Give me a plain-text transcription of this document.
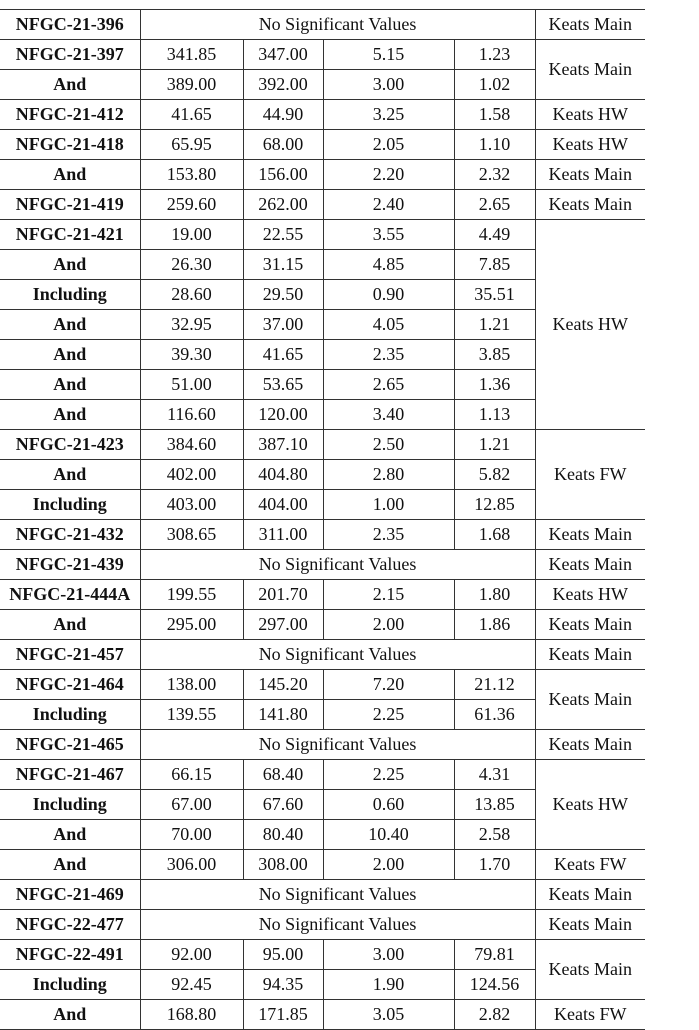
NFGC-21-396	No Significant Values				Keats Main
NFGC-21-397	341.85	347.00	5.15	1.23	Keats Main
And	389.00	392.00	3.00	1.02	
NFGC-21-412	41.65	44.90	3.25	1.58	Keats HW
NFGC-21-418	65.95	68.00	2.05	1.10	Keats HW
And	153.80	156.00	2.20	2.32	Keats Main
NFGC-21-419	259.60	262.00	2.40	2.65	Keats Main
NFGC-21-421	19.00	22.55	3.55	4.49	Keats HW
And	26.30	31.15	4.85	7.85	
Including	28.60	29.50	0.90	35.51	
And	32.95	37.00	4.05	1.21	
And	39.30	41.65	2.35	3.85	
And	51.00	53.65	2.65	1.36	
And	116.60	120.00	3.40	1.13	
NFGC-21-423	384.60	387.10	2.50	1.21	Keats FW
And	402.00	404.80	2.80	5.82	
Including	403.00	404.00	1.00	12.85	
NFGC-21-432	308.65	311.00	2.35	1.68	Keats Main
NFGC-21-439	No Significant Values				Keats Main
NFGC-21-444A	199.55	201.70	2.15	1.80	Keats HW
And	295.00	297.00	2.00	1.86	Keats Main
NFGC-21-457	No Significant Values				Keats Main
NFGC-21-464	138.00	145.20	7.20	21.12	Keats Main
Including	139.55	141.80	2.25	61.36	
NFGC-21-465	No Significant Values				Keats Main
NFGC-21-467	66.15	68.40	2.25	4.31	Keats HW
Including	67.00	67.60	0.60	13.85	
And	70.00	80.40	10.40	2.58	
And	306.00	308.00	2.00	1.70	Keats FW
NFGC-21-469	No Significant Values				Keats Main
NFGC-22-477	No Significant Values				Keats Main
NFGC-22-491	92.00	95.00	3.00	79.81	Keats Main
Including	92.45	94.35	1.90	124.56	
And	168.80	171.85	3.05	2.82	Keats FW
